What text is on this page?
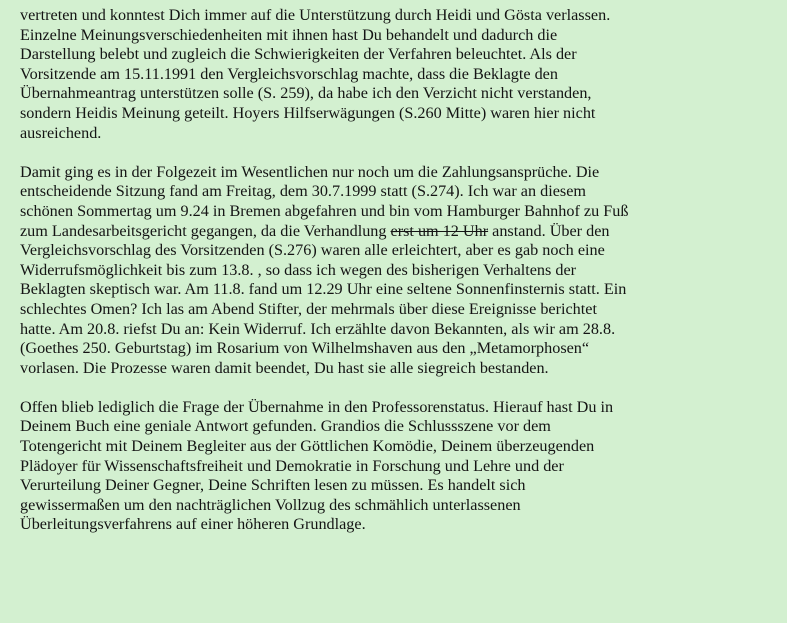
vertreten und konntest Dich immer auf die Unterstützung durch Heidi und Gösta verlassen.
Einzelne Meinungsverschiedenheiten mit ihnen hast Du behandelt und dadurch die
Darstellung belebt und zugleich die Schwierigkeiten der Verfahren beleuchtet. Als der
Vorsitzende am 15.11.1991 den Vergleichsvorschlag machte, dass die Beklagte den
Übernahmeantrag unterstützen solle (S. 259), da habe ich den Verzicht nicht verstanden,
sondern Heidis Meinung geteilt. Hoyers Hilfserwägungen (S.260 Mitte) waren hier nicht
ausreichend.
Damit ging es in der Folgezeit im Wesentlichen nur noch um die Zahlungsansprüche. Die
entscheidende Sitzung fand am Freitag, dem 30.7.1999 statt (S.274). Ich war an diesem
schönen Sommertag um 9.24 in Bremen abgefahren und bin vom Hamburger Bahnhof zu Fuß
zum Landesarbeitsgericht gegangen, da die Verhandlung erst um 12 Uhr anstand. Über den
Vergleichsvorschlag des Vorsitzenden (S.276) waren alle erleichtert, aber es gab noch eine
Widerrufsmöglichkeit bis zum 13.8. , so dass ich wegen des bisherigen Verhaltens der
Beklagten skeptisch war. Am 11.8. fand um 12.29 Uhr eine seltene Sonnenfinsternis statt. Ein
schlechtes Omen? Ich las am Abend Stifter, der mehrmals über diese Ereignisse berichtet
hatte. Am 20.8. riefst Du an: Kein Widerruf. Ich erzählte davon Bekannten, als wir am 28.8.
(Goethes 250. Geburtstag) im Rosarium von Wilhelmshaven aus den „Metamorphosen“
vorlasen. Die Prozesse waren damit beendet, Du hast sie alle siegreich bestanden.
Offen blieb lediglich die Frage der Übernahme in den Professorenstatus. Hierauf hast Du in
Deinem Buch eine geniale Antwort gefunden. Grandios die Schlussszene vor dem
Totengericht mit Deinem Begleiter aus der Göttlichen Komödie, Deinem überzeugenden
Plädoyer für Wissenschaftsfreiheit und Demokratie in Forschung und Lehre und der
Verurteilung Deiner Gegner, Deine Schriften lesen zu müssen. Es handelt sich
gewissermaßen um den nachträglichen Vollzug des schmählich unterlassenen
Überleitungsverfahrens auf einer höheren Grundlage.
